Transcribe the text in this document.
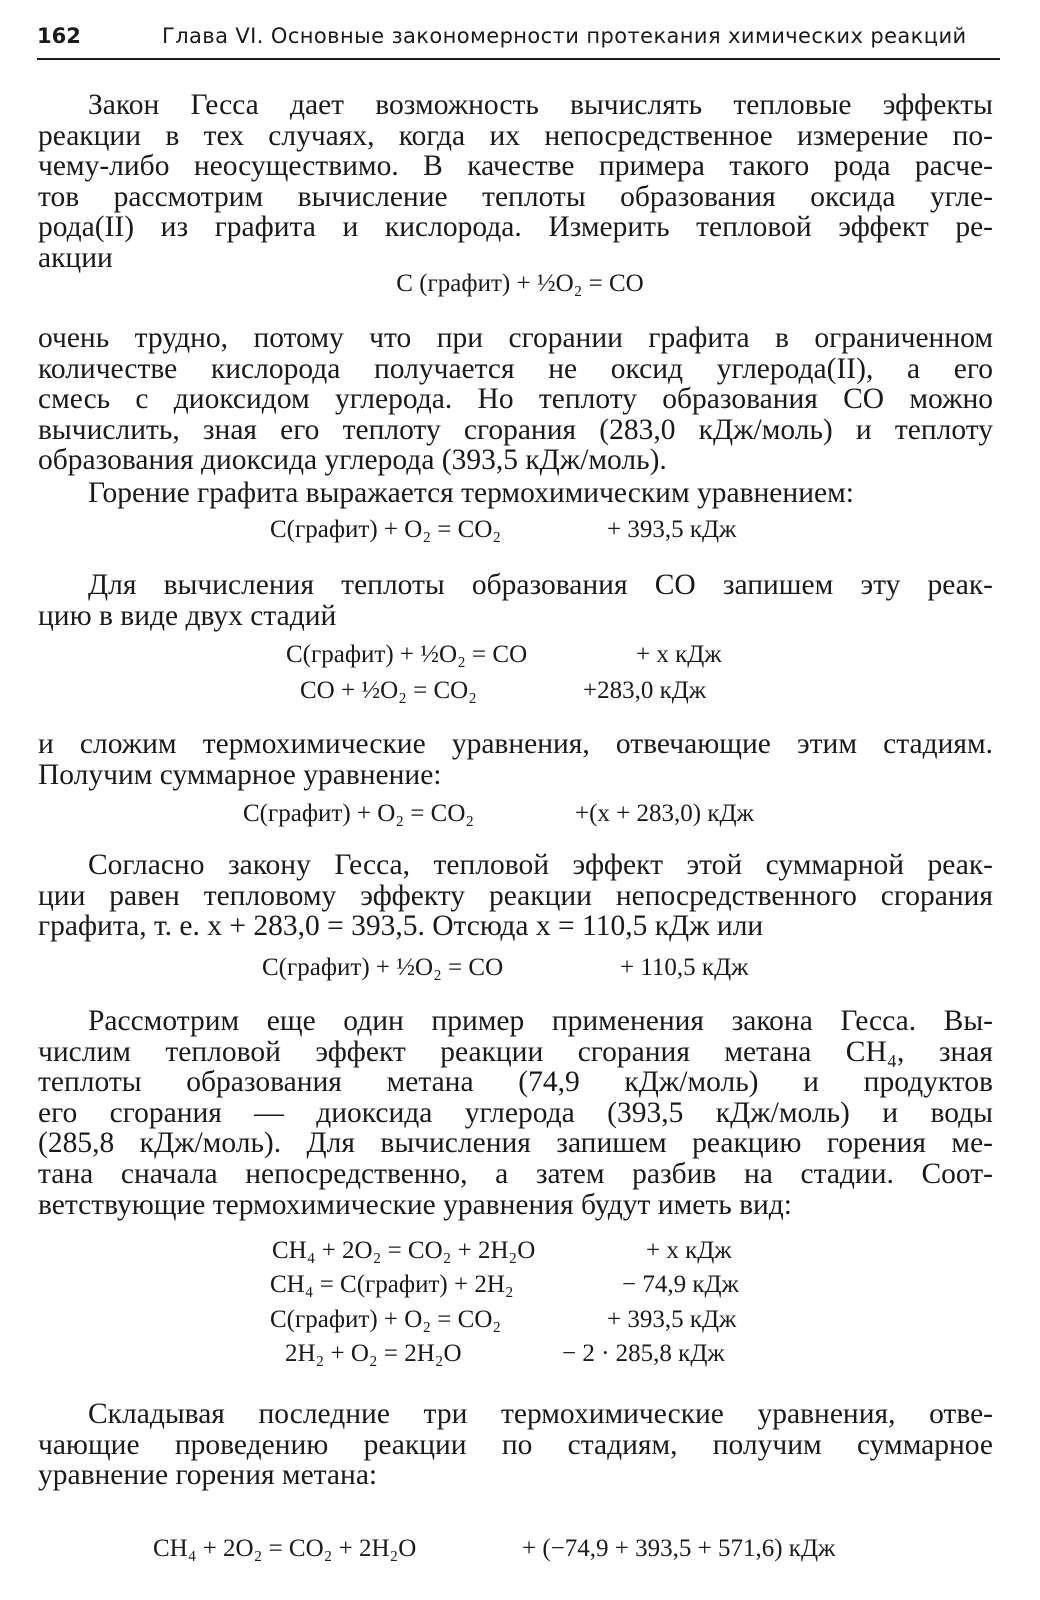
162	Глава VI. Основные закономерности протекания химических реакций
Закон Гесса дает возможность вычислять тепловые эффекты
реакции в тех случаях, когда их непосредственное измерение по-
чему-либо неосуществимо. В качестве примера такого рода расче-
тов рассмотрим вычисление теплоты образования оксида угле-
рода(II) из графита и кислорода. Измерить тепловой эффект ре-
акции
С (графит) + ½O₂ = CO
очень трудно, потому что при сгорании графита в ограниченном
количестве кислорода получается не оксид углерода(II), а его
смесь с диоксидом углерода. Но теплоту образования CO можно
вычислить, зная его теплоту сгорания (283,0 кДж/моль) и теплоту
образования диоксида углерода (393,5 кДж/моль).
Горение графита выражается термохимическим уравнением:
С(графит) + O₂ = CO₂	+ 393,5 кДж
Для вычисления теплоты образования CO запишем эту реак-
цию в виде двух стадий
С(графит) + ½O₂ = CO	+ x кДж
CO + ½O₂ = CO₂	+283,0 кДж
и сложим термохимические уравнения, отвечающие этим стадиям.
Получим суммарное уравнение:
С(графит) + O₂ = CO₂	+(x + 283,0) кДж
Согласно закону Гесса, тепловой эффект этой суммарной реак-
ции равен тепловому эффекту реакции непосредственного сгорания
графита, т. е. x + 283,0 = 393,5. Отсюда x = 110,5 кДж или
С(графит) + ½O₂ = CO	+ 110,5 кДж
Рассмотрим еще один пример применения закона Гесса. Вы-
числим тепловой эффект реакции сгорания метана CH₄, зная
теплоты образования метана (74,9 кДж/моль) и продуктов
его сгорания — диоксида углерода (393,5 кДж/моль) и воды
(285,8 кДж/моль). Для вычисления запишем реакцию горения ме-
тана сначала непосредственно, а затем разбив на стадии. Соот-
ветствующие термохимические уравнения будут иметь вид:
CH₄ + 2O₂ = CO₂ + 2H₂O	+ x кДж
CH₄ = С(графит) + 2H₂	− 74,9 кДж
С(графит) + O₂ = CO₂	+ 393,5 кДж
2H₂ + O₂ = 2H₂O	− 2 · 285,8 кДж
Складывая последние три термохимические уравнения, отве-
чающие проведению реакции по стадиям, получим суммарное
уравнение горения метана:
CH₄ + 2O₂ = CO₂ + 2H₂O	+ (−74,9 + 393,5 + 571,6) кДж
